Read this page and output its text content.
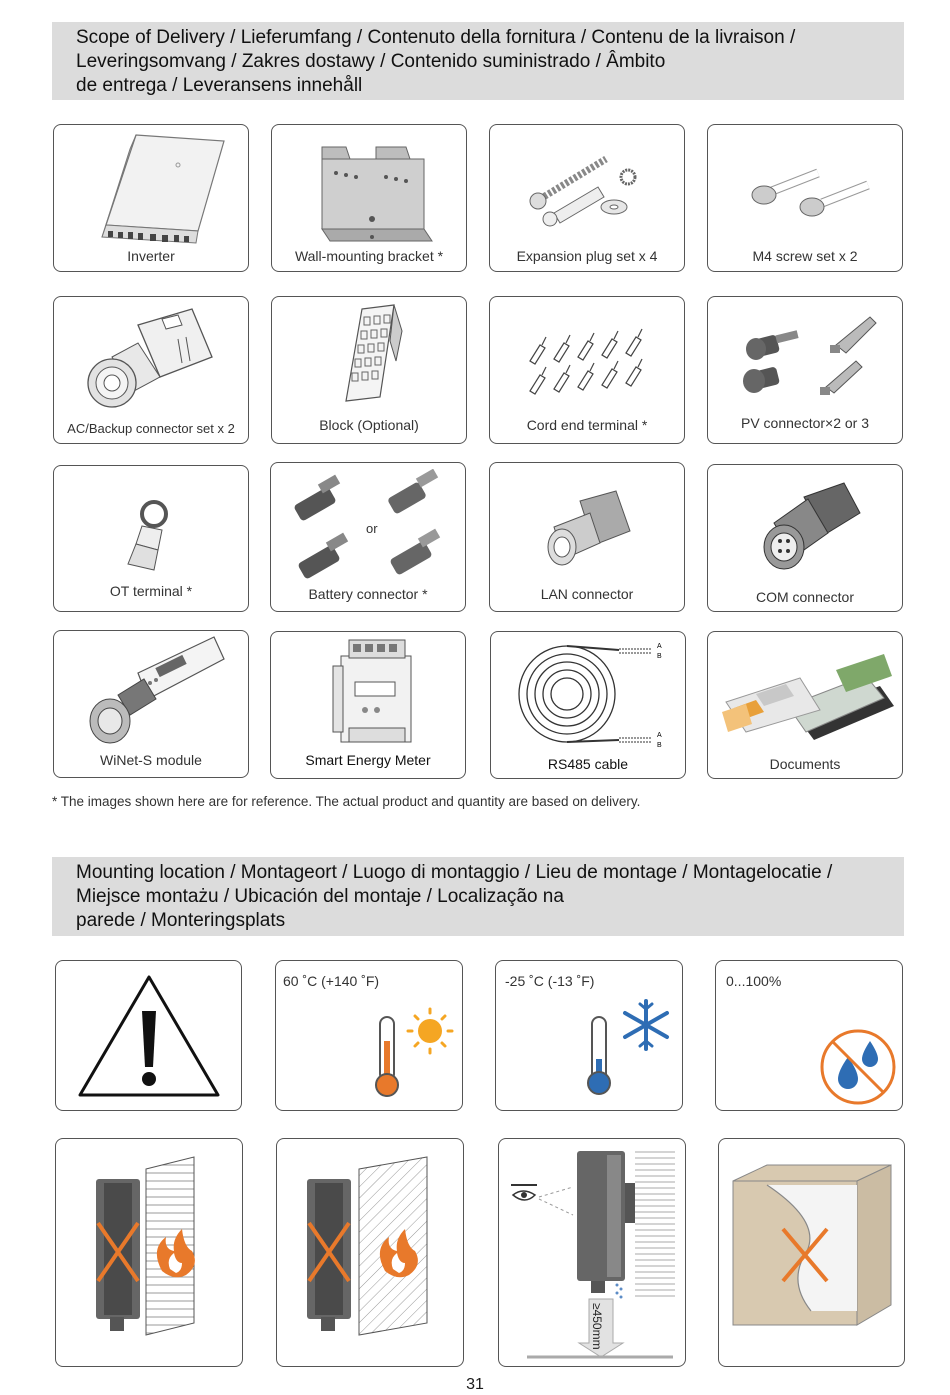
Scope of Delivery / Lieferumfang / Contenuto della fornitura / Contenu de la livraison /
Leveringsomvang / Zakres dostawy / Contenido suministrado / Âmbito
de entrega / Leveransens innehåll
Inverter	Wall-mounting bracket *	Expansion plug set x 4	M4 screw set x 2
AC/Backup connector set x 2	Block (Optional)	Cord end terminal *	PV connector×2 or 3
OT terminal *
or
Battery connector *	LAN connector	COM connector
WiNet-S module	Smart Energy Meter
A
B
A
B
RS485 cable	Documents
* The images shown here are for reference. The actual product and quantity are based on delivery.
Mounting location / Montageort / Luogo di montaggio / Lieu de montage / Montagelocatie /
Miejsce montażu / Ubicación del montaje / Localização na
parede / Monteringsplats
60 ˚C (+140 ˚F)	-25 ˚C (-13 ˚F)	0...100%
≥450mm
31
